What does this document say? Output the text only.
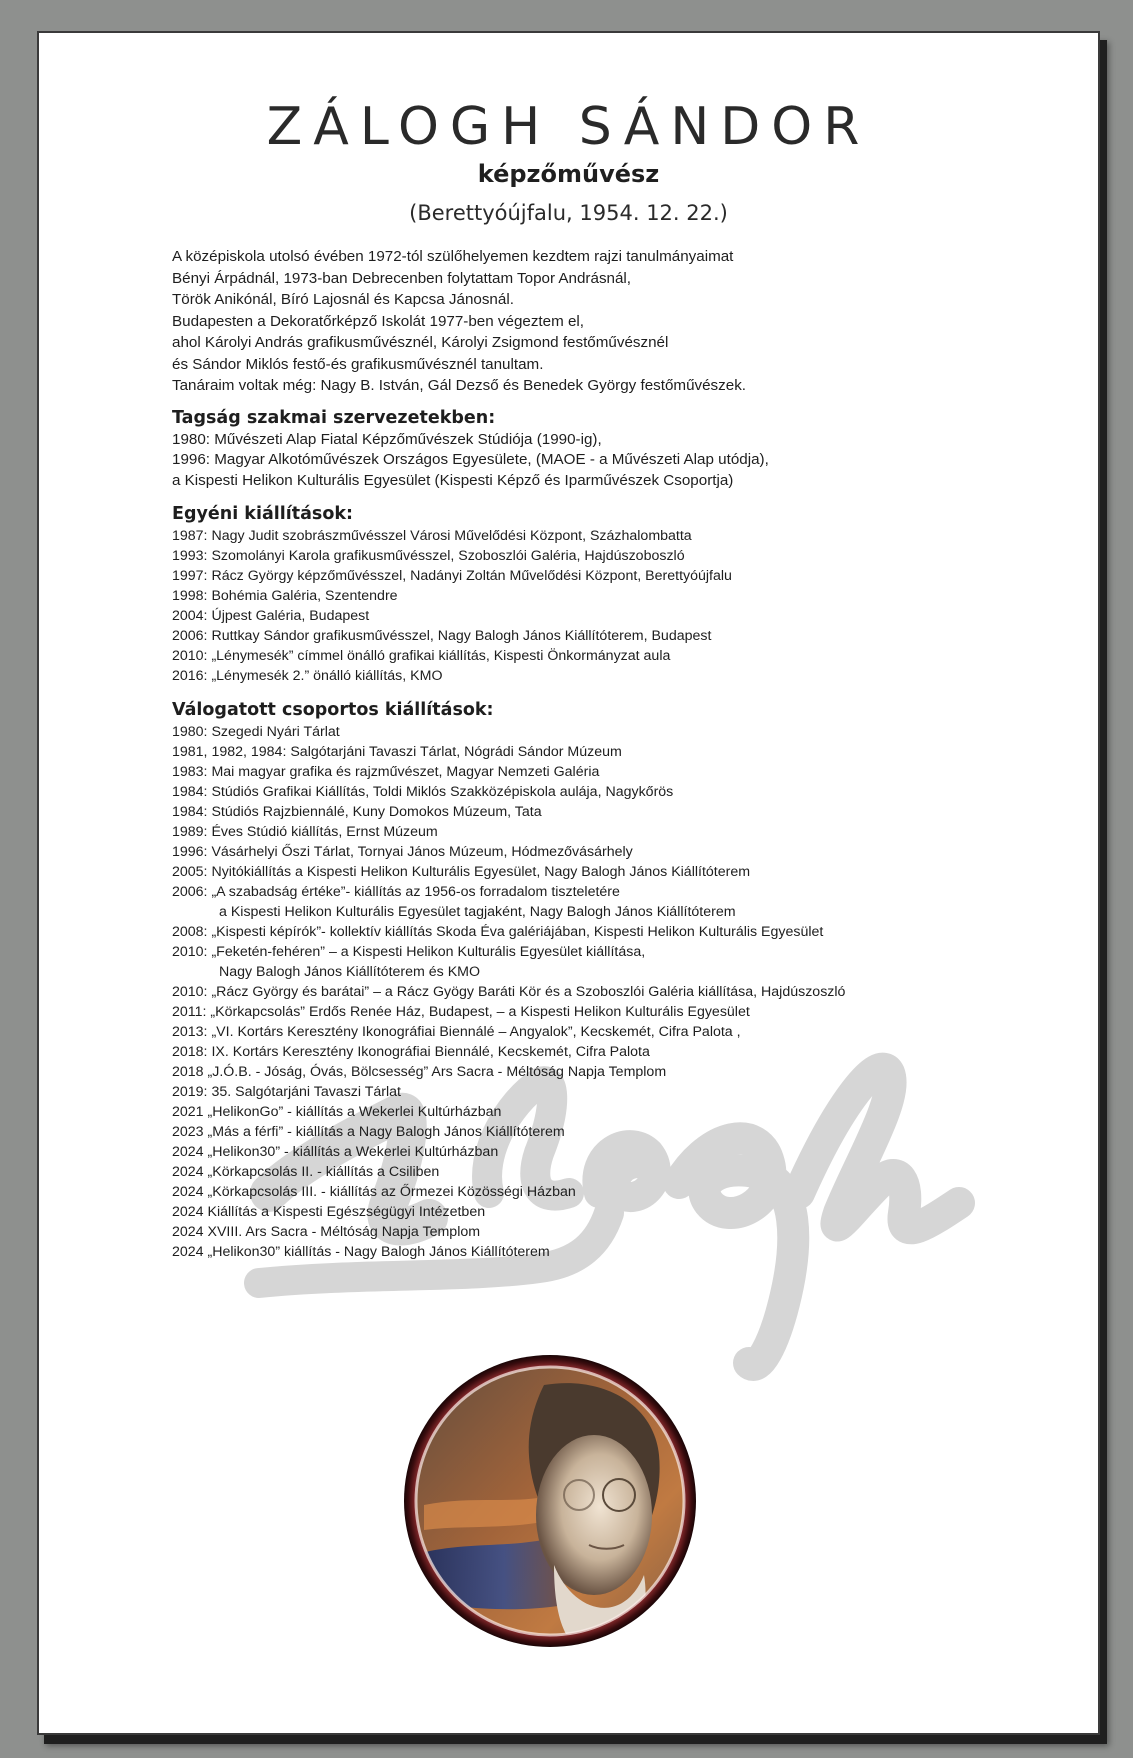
ZÁLOGH SÁNDOR
képzőművész
(Berettyóújfalu, 1954. 12. 22.)

A középiskola utolsó évében 1972-tól szülőhelyemen kezdtem rajzi tanulmányaimat

Bényi Árpádnál, 1973-ban Debrecenben folytattam Topor Andrásnál,

Török Anikónál, Bíró Lajosnál és Kapcsa Jánosnál.

Budapesten a Dekoratőrképző Iskolát 1977-ben végeztem el,

ahol Károlyi András grafikusművésznél, Károlyi Zsigmond festőművésznél

és Sándor Miklós festő-és grafikusművésznél tanultam.

Tanáraim voltak még: Nagy B. István, Gál Dezső és Benedek György festőművészek.

Tagság szakmai szervezetekben:

1980: Művészeti Alap Fiatal Képzőművészek Stúdiója (1990-ig),

1996: Magyar Alkotóművészek Országos Egyesülete, (MAOE - a Művészeti Alap utódja),

a Kispesti Helikon Kulturális Egyesület (Kispesti Képző és Iparművészek Csoportja)

Egyéni kiállítások:

1987: Nagy Judit szobrászművésszel Városi Művelődési Központ, Százhalombatta

1993: Szomolányi Karola grafikusművésszel, Szoboszlói Galéria, Hajdúszoboszló

1997: Rácz György képzőművésszel, Nadányi Zoltán Művelődési Központ, Berettyóújfalu

1998: Bohémia Galéria, Szentendre

2004: Újpest Galéria, Budapest

2006: Ruttkay Sándor grafikusművésszel, Nagy Balogh János Kiállítóterem, Budapest

2010: „Lénymesék” címmel önálló grafikai kiállítás, Kispesti Önkormányzat aula

2016: „Lénymesék 2.” önálló kiállítás, KMO

Válogatott csoportos kiállítások:

1980: Szegedi Nyári Tárlat

1981, 1982, 1984: Salgótarjáni Tavaszi Tárlat, Nógrádi Sándor Múzeum

1983: Mai magyar grafika és rajzművészet, Magyar Nemzeti Galéria

1984: Stúdiós Grafikai Kiállítás, Toldi Miklós Szakközépiskola aulája, Nagykőrös

1984: Stúdiós Rajzbiennálé, Kuny Domokos Múzeum, Tata

1989: Éves Stúdió kiállítás, Ernst Múzeum

1996: Vásárhelyi Őszi Tárlat, Tornyai János Múzeum, Hódmezővásárhely

2005: Nyitókiállítás a Kispesti Helikon Kulturális Egyesület, Nagy Balogh János Kiállítóterem

2006: „A szabadság értéke”- kiállítás az 1956-os forradalom tiszteletére
a Kispesti Helikon Kulturális Egyesület tagjaként, Nagy Balogh János Kiállítóterem

2008: „Kispesti képírók”- kollektív kiállítás Skoda Éva galériájában, Kispesti Helikon Kulturális Egyesület

2010: „Feketén-fehéren” – a Kispesti Helikon Kulturális Egyesület kiállítása,
Nagy Balogh János Kiállítóterem és KMO

2010: „Rácz György és barátai” – a Rácz Gyögy Baráti Kör és a Szoboszlói Galéria kiállítása, Hajdúszoszló

2011: „Körkapcsolás” Erdős Renée Ház, Budapest, – a Kispesti Helikon Kulturális Egyesület

2013: „VI. Kortárs Keresztény Ikonográfiai Biennálé – Angyalok”, Kecskemét, Cifra Palota ,

2018: IX. Kortárs Keresztény Ikonográfiai Biennálé, Kecskemét, Cifra Palota

2018 „J.Ó.B. - Jóság, Óvás, Bölcsesség” Ars Sacra - Méltóság Napja Templom

2019: 35. Salgótarjáni Tavaszi Tárlat

2021 „HelikonGo” - kiállítás a Wekerlei Kultúrházban

2023 „Más a férfi” - kiállítás a Nagy Balogh János Kiállítóterem

2024 „Helikon30” - kiállítás a Wekerlei Kultúrházban

2024 „Körkapcsolás II. - kiállítás a Csiliben

2024 „Körkapcsolás III. - kiállítás az Őrmezei Közösségi Házban

2024 Kiállítás a Kispesti Egészségügyi Intézetben

2024 XVIII. Ars Sacra - Méltóság Napja Templom

2024 „Helikon30” kiállítás - Nagy Balogh János Kiállítóterem
